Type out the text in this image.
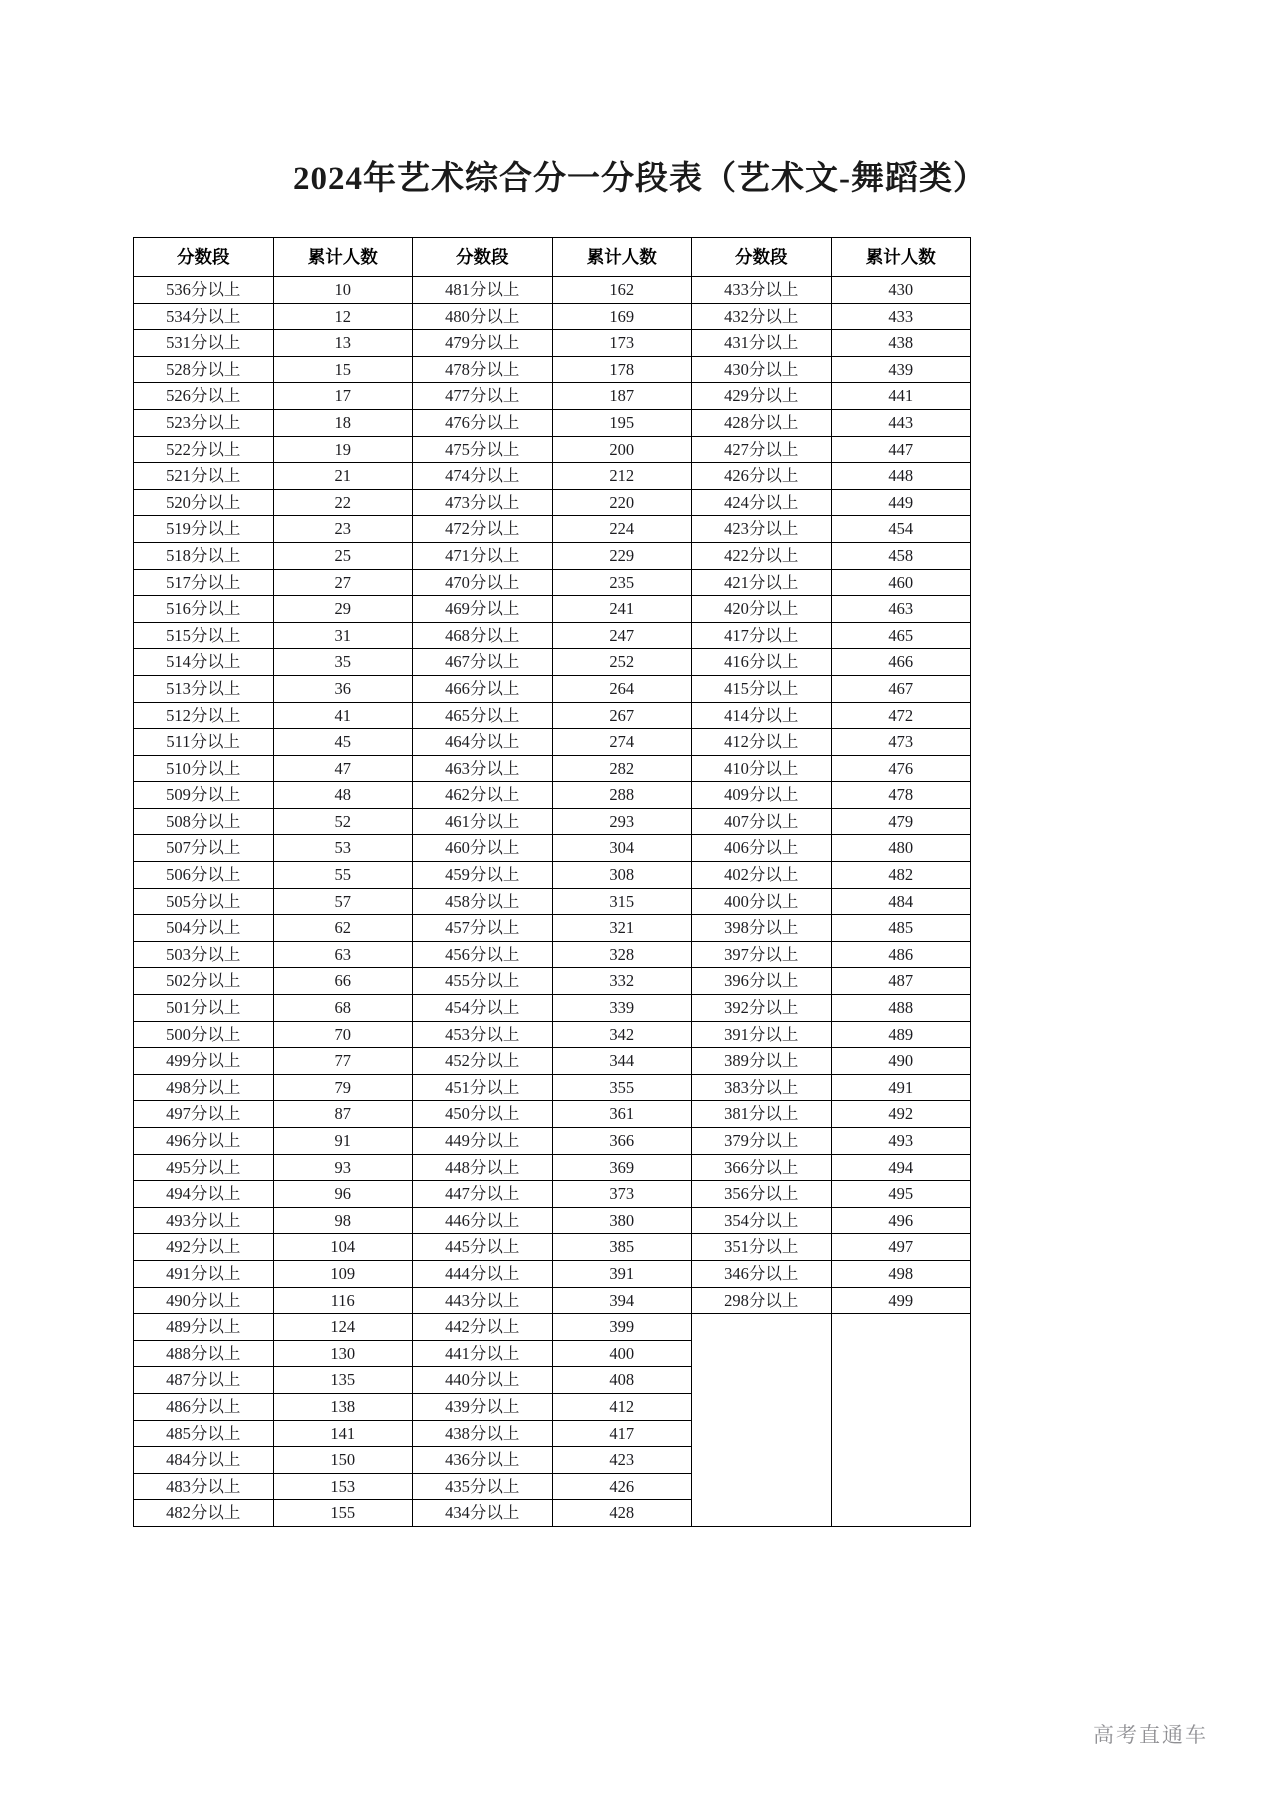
2024年艺术综合分一分段表（艺术文-舞蹈类）
分数段	累计人数	分数段	累计人数	分数段	累计人数
536分以上	10	481分以上	162	433分以上	430
534分以上	12	480分以上	169	432分以上	433
531分以上	13	479分以上	173	431分以上	438
528分以上	15	478分以上	178	430分以上	439
526分以上	17	477分以上	187	429分以上	441
523分以上	18	476分以上	195	428分以上	443
522分以上	19	475分以上	200	427分以上	447
521分以上	21	474分以上	212	426分以上	448
520分以上	22	473分以上	220	424分以上	449
519分以上	23	472分以上	224	423分以上	454
518分以上	25	471分以上	229	422分以上	458
517分以上	27	470分以上	235	421分以上	460
516分以上	29	469分以上	241	420分以上	463
515分以上	31	468分以上	247	417分以上	465
514分以上	35	467分以上	252	416分以上	466
513分以上	36	466分以上	264	415分以上	467
512分以上	41	465分以上	267	414分以上	472
511分以上	45	464分以上	274	412分以上	473
510分以上	47	463分以上	282	410分以上	476
509分以上	48	462分以上	288	409分以上	478
508分以上	52	461分以上	293	407分以上	479
507分以上	53	460分以上	304	406分以上	480
506分以上	55	459分以上	308	402分以上	482
505分以上	57	458分以上	315	400分以上	484
504分以上	62	457分以上	321	398分以上	485
503分以上	63	456分以上	328	397分以上	486
502分以上	66	455分以上	332	396分以上	487
501分以上	68	454分以上	339	392分以上	488
500分以上	70	453分以上	342	391分以上	489
499分以上	77	452分以上	344	389分以上	490
498分以上	79	451分以上	355	383分以上	491
497分以上	87	450分以上	361	381分以上	492
496分以上	91	449分以上	366	379分以上	493
495分以上	93	448分以上	369	366分以上	494
494分以上	96	447分以上	373	356分以上	495
493分以上	98	446分以上	380	354分以上	496
492分以上	104	445分以上	385	351分以上	497
491分以上	109	444分以上	391	346分以上	498
490分以上	116	443分以上	394	298分以上	499
489分以上	124	442分以上	399		
488分以上	130	441分以上	400		
487分以上	135	440分以上	408		
486分以上	138	439分以上	412		
485分以上	141	438分以上	417		
484分以上	150	436分以上	423		
483分以上	153	435分以上	426		
482分以上	155	434分以上	428		
高考直通车
